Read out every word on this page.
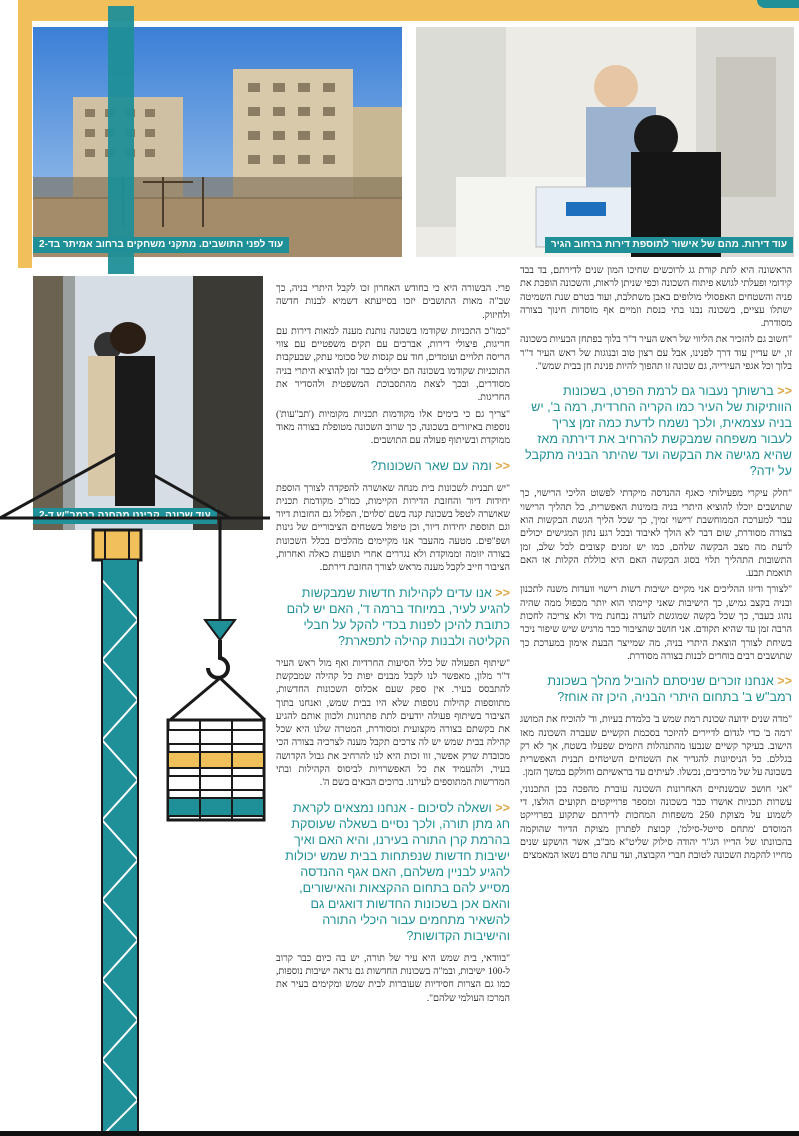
עוד לפני התושבים. מתקני משחקים ברחוב אמיתר בד-2	עוד דירות. מהם של אישור לתוספת דירות ברחוב הגיר
עוד שכונה. קבינט מהחנה ברמב"ש ד-2

פרי. הבשורה היא כי בחודש האחרון זכו לקבל היתרי בניה, כך שב"ה מאות התושבים יזכו בסייעתא דשמיא לבנות חדשה ולחיזוק.

"כמו"כ התכניות שקודמו בשכונה נותנת מענה למאות דירות עם חריגות, פיצולי דירות, אברכים עם תקים משפטיים עם צווי הריסה תלויים ועומדים, חוד עם קנסות של סכומי עתק, שבעקבות התוכניות שקודמו בשכונה הם יכולים כבר זמן להוציא היתרי בניה מסודרים, ובכך לצאת מהתסבוכת המשפטית ולהסדיר את החריגות.

"צריך גם כי בימים אלו מקודמות תכניות מקומיות ('תב"עות') נוספות באיזורים בשכונה, כך שרוב השכונה מטופלת בצורה מאוד ממוקדת ובשיתוף פעולה עם התושבים.

<< ומה עם שאר השכונות?

"יש תבנית לשכונות בית מנחה שאושרה להפקדה לצורך הוספת יחידות דיור והחזבת הדירות הקיימות, כמו"כ מקודמת תכנית שאושרה לטפל בשכונת קנה בשם 'סלוים', הפלול גם החזבות דיור וגם תוספת יחידות דיור, וכן טיפול בשטחים הציבוריים של גינות ושפ"פים. מטעה מהעבר אנו מקיימים מהלכים בכלל השכונות בצורה יזומה וממוקדת ולא נגררים אחרי תופעות כאלה ואחרות, הציבור חייב לקבל מענה מראש לצורך החזבת דירתם.

<< אנו עדים לקהילות חדשות שמבקשות להגיע לעיר, במיוחד ברמה ד', האם יש להם כתובת להיכן לפנות בכדי להקל על חבלי הקליטה ולבנות קהילה לתפארת?

"שיתוף הפעולה של כלל הסיעות החרדיות ואף מול ראש העיר ד"ר מלון, מאפשר לנו לקבל מבנים יפות כל קהילה שמבקשת להתבסס בעיר. אין ספק שעם אכלוס השכונות החדשות, מתווספות קהילות נוספות שלא היו בבית שמש, ואנחנו בתוך הציבור בשיתוף פעולה יודעים לתת פתרונות ולכוון אותם להגיע את בקשתם בצורה מקצועית ומסודרת, המטרה שלנו היא שכל קהילה בבית שמש יש לה צרכים תקבל מענה לצרכיה בצורה הכי מכובדת שרק אפשר, זוו זכות היא לנו להרחיב את גבול הקדושה בעיר, ולהעמיד את כל האפשרויות לביסוס הקהילות ובתי המדרשות המתוספים לעירנו. ברוכים הבאים בשם ה'.

<< ושאלה לסיכום - אנחנו נמצאים לקראת חג מתן תורה, ולכך נסיים בשאלה שעוסקת בהרמת קרן התורה בעירנו, והיא האם ואיך ישיבות חדשות שנפתחות בבית שמש יכולות להגיע לבניין משלהם, האם אגף ההנדסה מסייע להם בתחום ההקצאות והאישורים, והאם אכן בשכונות החדשות דואגים גם להשאיר מתחמים עבור היכלי התורה והישיבות הקדושות?

"בוודאי, בית שמש היא עיר של תורה, יש בה כיום כבר קרוב ל-100 ישיבות, ובמ"ה בשכונות החדשות גם נראה ישיבות נוספות, כמו גם הצרות חסידיות שעוברות לבית שמש ומקימים בעיר את המרכז העולמי שלהם".

הראשונה היא לתת קורת גג לרוכשים שחיכו המון שנים לדירתם, בד בבד קידומי ופעלתי לגושא פיתוח השכונה וכפי שניתן לראות, והשכונה הופכת את פניה והשטחים האפסולי מולופים באבן משתלבת, ועוד בטרם שנת השמיטה ישתלו עציים, בשכונה נבנו בתי כנסת וזמיים אף מוסדות חינוך בצורה מסודרת.

"חשוב גם להזכיר את הליווי של ראש העיר ד"ר בלוך בפתחן הבעיות בשכונה זו, יש עדיין עוד דרך לפנינו, אבל עם רצון טוב ובנוגות של ראש העיר ד"ר בלוך וכל אגפי העירייה, גם שכונה זו תהפוך להיות פנינת חן בבית שמש".

<< ברשותך נעבור גם לרמת הפרט, בשכונות הוותיקות של העיר כמו הקריה החרדית, רמה ב', יש בניה עצמאית, ולכך נשמח לדעת כמה זמן צריך לעבור משפחה שמבקשת להרחיב את דירתה מאז שהיא מגישה את הבקשה ועד שהיתר הבניה מתקבל על ידה?

"חלק עיקרי מפעילותי כאגף ההנדסה מיקדתי לפשוט הליכי הרישוי, כך שתושבים יוכלו להוציא היתרי בניה בזמינות האפשרית, כל תהליך הרישוי עבר למערכת הממוחשבת 'רישוי זמין', כך שכל הליך הגשת הבקשות הוא בצורה מסודרת, שום דבר לא הולך לאיבוד ובכל רגע נתון המגישים יכולים לדעת מה מצב הבקשה שלהם, כמו יש זמנים קצובים לכל שלב, זמן התשובות התהליך תלוי בסוג הבקשה האם היא כוללת הקלות או האם תואמת תבע.

"לצורך ודיזו ההליכים אני מקיים ישיבות רשות רישוי וועדות משנה לתכנון ובניה בקצב גמיש, כך הישיבות שאני קיימתי הוא יותר מכפול ממה שהיה נהוג בעבר, כך שכל בקשה שמוגשת לועדה נבחנת מיד ולא צריכה לחכות הרבה זמן עד שהיא תקודם. אני חושב שהציבור כבר מרגיש שיש שיפור ניכר בשיחת לצורך הוצאת היתרי בניה, מה שמייצר הבעת אימון במערכת כך שתושבים רבים בוחרים לבנות בצורה מסודרת.

<< אנחנו זוכרים שניסתם להוביל מהלך בשכונת רמב"ש ב' בתחום היתרי הבניה, היכן זה אוחז?

"מדה שנים ידועה שכונת רמת שמש ב' כלמדת בעיות, וד' להוכיח את המושג 'רמה ב' כדי לגדום לדיירים להיזכר בסכמת הקשיים שעברה השכונה מאז הישוב. בעיקר קשיים שנבעו מהתנהלות היזמים שפעלו בשטח, אך לא רק בגללם. כל הניסיונות להגדיר את השטחים השיטחים תבנית האפשרית בשכונה על של מרכיבים, נכשלו. לעיתים עד בראשיתם וחולקם במשך הזמן.

"אני חושב שבשנתיים האחרונות השכונה עוברת מהפכה בכן התכנוני, עשרות תכניות אושרו כבר בשכונה ומספר פרוייקטים תקועים הולצו, די לשמוע על מצוקת 250 משפחות המחכות לדירתם שתקוע בפרוייקט המוסדם 'מתחם סייטל-סילמ', קבוצת לפתרון מצוקת הדיור שהוקמה בהכוונתו של הדייו הג"ר יהודה סילוק שליט"א מב"ב, אשר הושקע שנים מחייו להקמת השכונה לטובת חברי הקבוצה, ועד עתה טרם נשאו המאמצים
